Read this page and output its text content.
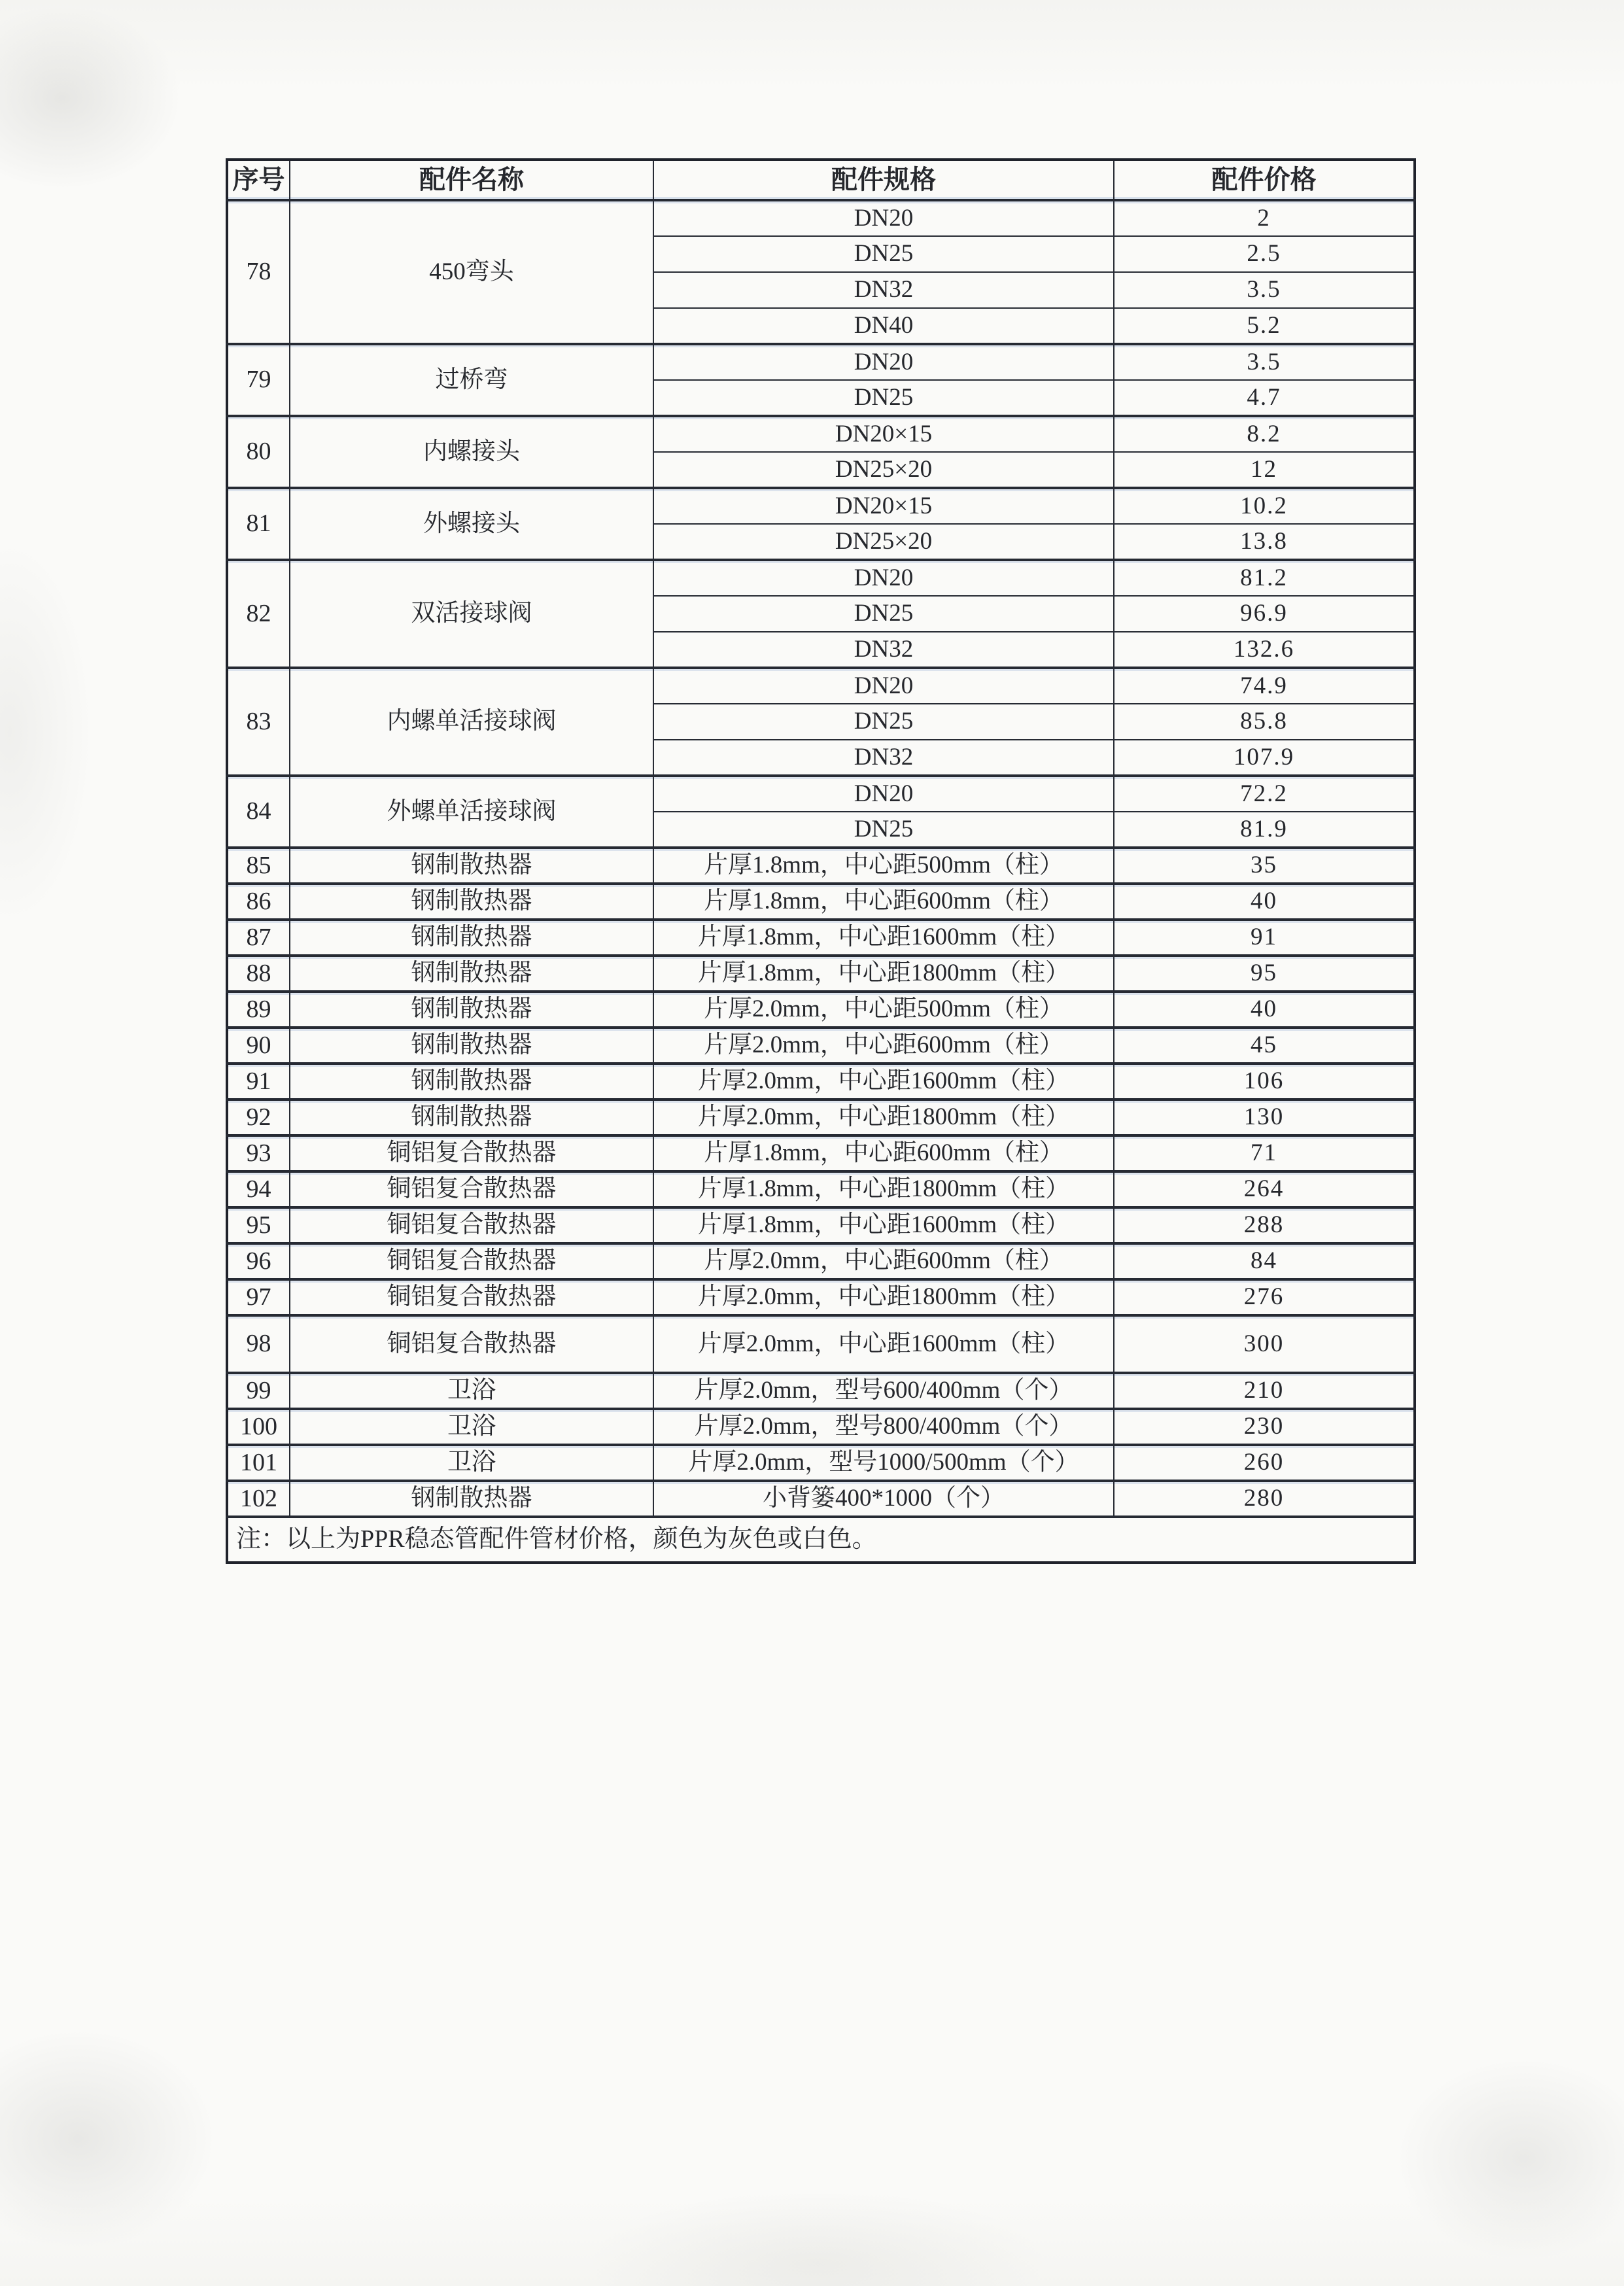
序号	配件名称	配件规格	配件价格
78	450弯头	DN20	2
		DN25	2.5
		DN32	3.5
		DN40	5.2
79	过桥弯	DN20	3.5
		DN25	4.7
80	内螺接头	DN20×15	8.2
		DN25×20	12
81	外螺接头	DN20×15	10.2
		DN25×20	13.8
82	双活接球阀	DN20	81.2
		DN25	96.9
		DN32	132.6
83	内螺单活接球阀	DN20	74.9
		DN25	85.8
		DN32	107.9
84	外螺单活接球阀	DN20	72.2
		DN25	81.9
85	钢制散热器	片厚1.8mm，中心距500mm（柱）	35
86	钢制散热器	片厚1.8mm，中心距600mm（柱）	40
87	钢制散热器	片厚1.8mm，中心距1600mm（柱）	91
88	钢制散热器	片厚1.8mm，中心距1800mm（柱）	95
89	钢制散热器	片厚2.0mm，中心距500mm（柱）	40
90	钢制散热器	片厚2.0mm，中心距600mm（柱）	45
91	钢制散热器	片厚2.0mm，中心距1600mm（柱）	106
92	钢制散热器	片厚2.0mm，中心距1800mm（柱）	130
93	铜铝复合散热器	片厚1.8mm，中心距600mm（柱）	71
94	铜铝复合散热器	片厚1.8mm，中心距1800mm（柱）	264
95	铜铝复合散热器	片厚1.8mm，中心距1600mm（柱）	288
96	铜铝复合散热器	片厚2.0mm，中心距600mm（柱）	84
97	铜铝复合散热器	片厚2.0mm，中心距1800mm（柱）	276
98	铜铝复合散热器	片厚2.0mm，中心距1600mm（柱）	300
99	卫浴	片厚2.0mm，型号600/400mm（个）	210
100	卫浴	片厚2.0mm，型号800/400mm（个）	230
101	卫浴	片厚2.0mm，型号1000/500mm（个）	260
102	钢制散热器	小背篓400*1000（个）	280
注：以上为PPR稳态管配件管材价格，颜色为灰色或白色。			
